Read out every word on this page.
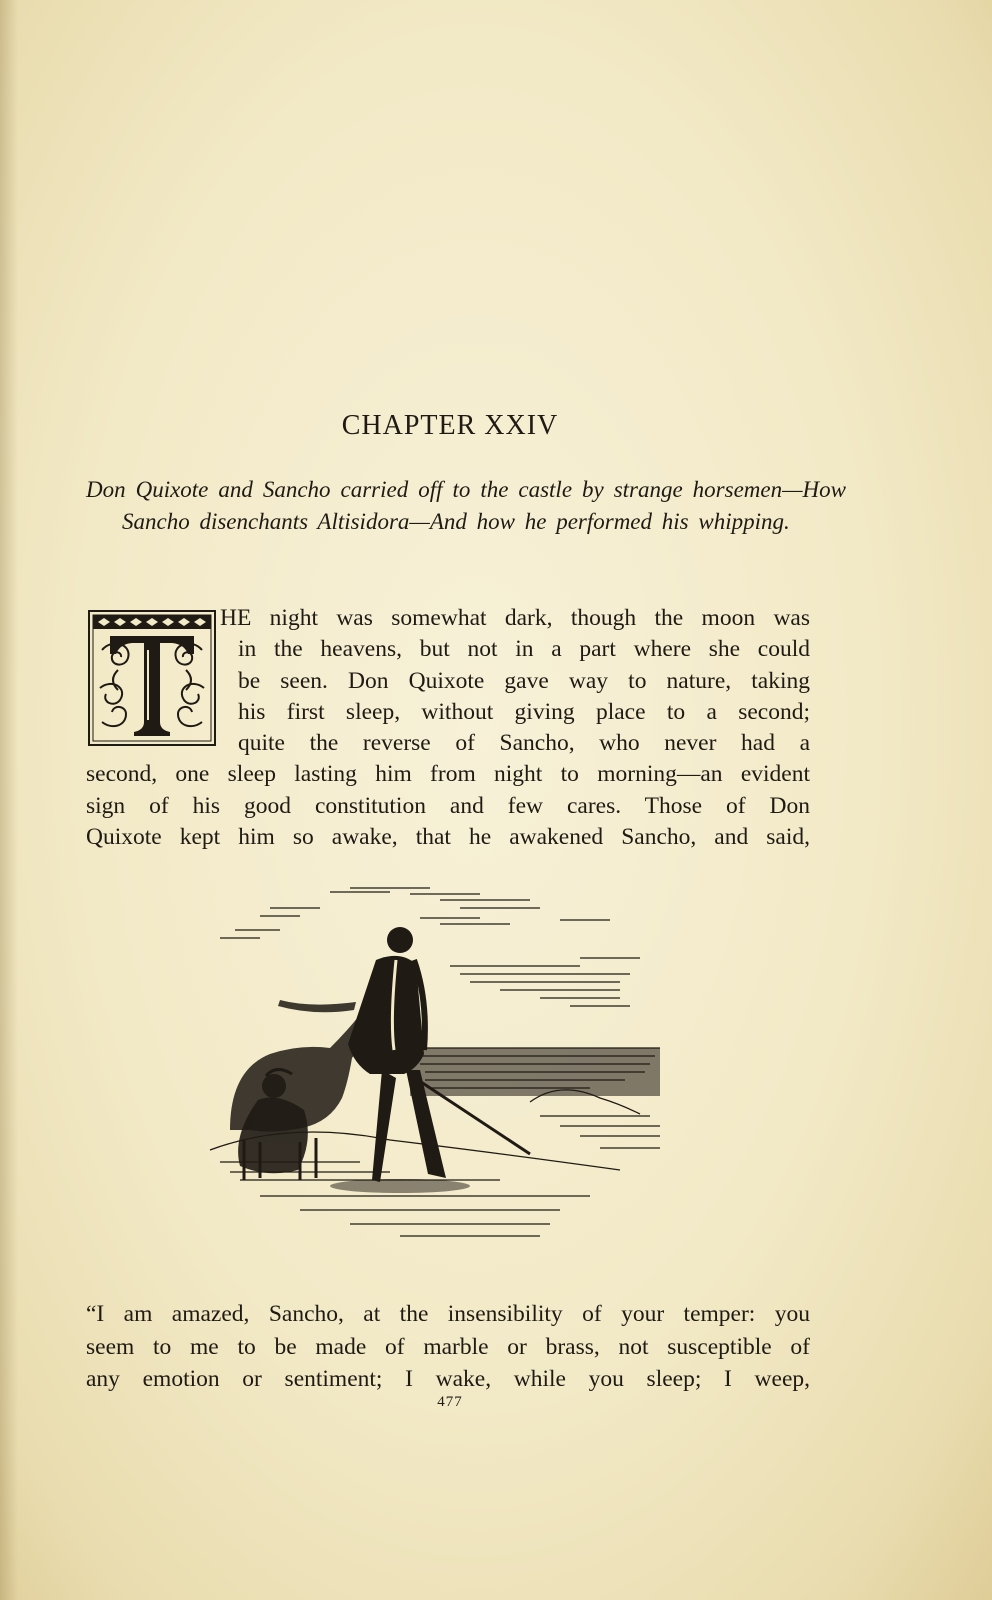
CHAPTER XXIV
Don Quixote and Sancho carried off to the castle by strange horsemen—How Sancho disenchants Altisidora—And how he performed his whipping.
HE night was somewhat dark, though the moon was
in the heavens, but not in a part where she could
be seen. Don Quixote gave way to nature, taking
his first sleep, without giving place to a second;
quite the reverse of Sancho, who never had a
second, one sleep lasting him from night to morning—an evident
sign of his good constitution and few cares. Those of Don
Quixote kept him so awake, that he awakened Sancho, and said,
“I am amazed, Sancho, at the insensibility of your temper: you
seem to me to be made of marble or brass, not susceptible of
any emotion or sentiment; I wake, while you sleep; I weep,
477
